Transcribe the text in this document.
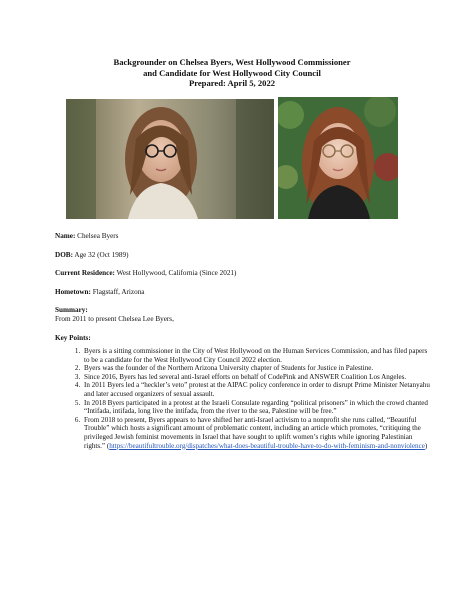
Backgrounder on Chelsea Byers, West Hollywood Commissioner
and Candidate for West Hollywood City Council
Prepared: April 5, 2022
Name: Chelsea Byers
DOB: Age 32 (Oct 1989)
Current Residence: West Hollywood, California (Since 2021)
Hometown: Flagstaff, Arizona
Summary:
From 2011 to present Chelsea Lee Byers,
Key Points:
1. Byers is a sitting commissioner in the City of West Hollywood on the Human Services Commission, and has filed papers to be a candidate for the West Hollywood City Council 2022 election.
2. Byers was the founder of the Northern Arizona University chapter of Students for Justice in Palestine.
3. Since 2016, Byers has led several anti-Israel efforts on behalf of CodePink and ANSWER Coalition Los Angeles.
4. In 2011 Byers led a “heckler’s veto” protest at the AIPAC policy conference in order to disrupt Prime Minister Netanyahu and later accused organizers of sexual assault.
5. In 2018 Byers participated in a protest at the Israeli Consulate regarding “political prisoners” in which the crowd chanted “Intifada, intifada, long live the intifada, from the river to the sea, Palestine will be free.”
6. From 2018 to present, Byers appears to have shifted her anti-Israel activism to a nonprofit she runs called, “Beautiful Trouble” which hosts a significant amount of problematic content, including an article which promotes, “critiquing the privileged Jewish feminist movements in Israel that have sought to uplift women’s rights while ignoring Palestinian rights.” (https://beautifultrouble.org/dispatches/what-does-beautiful-trouble-have-to-do-with-feminism-and-nonviolence)
